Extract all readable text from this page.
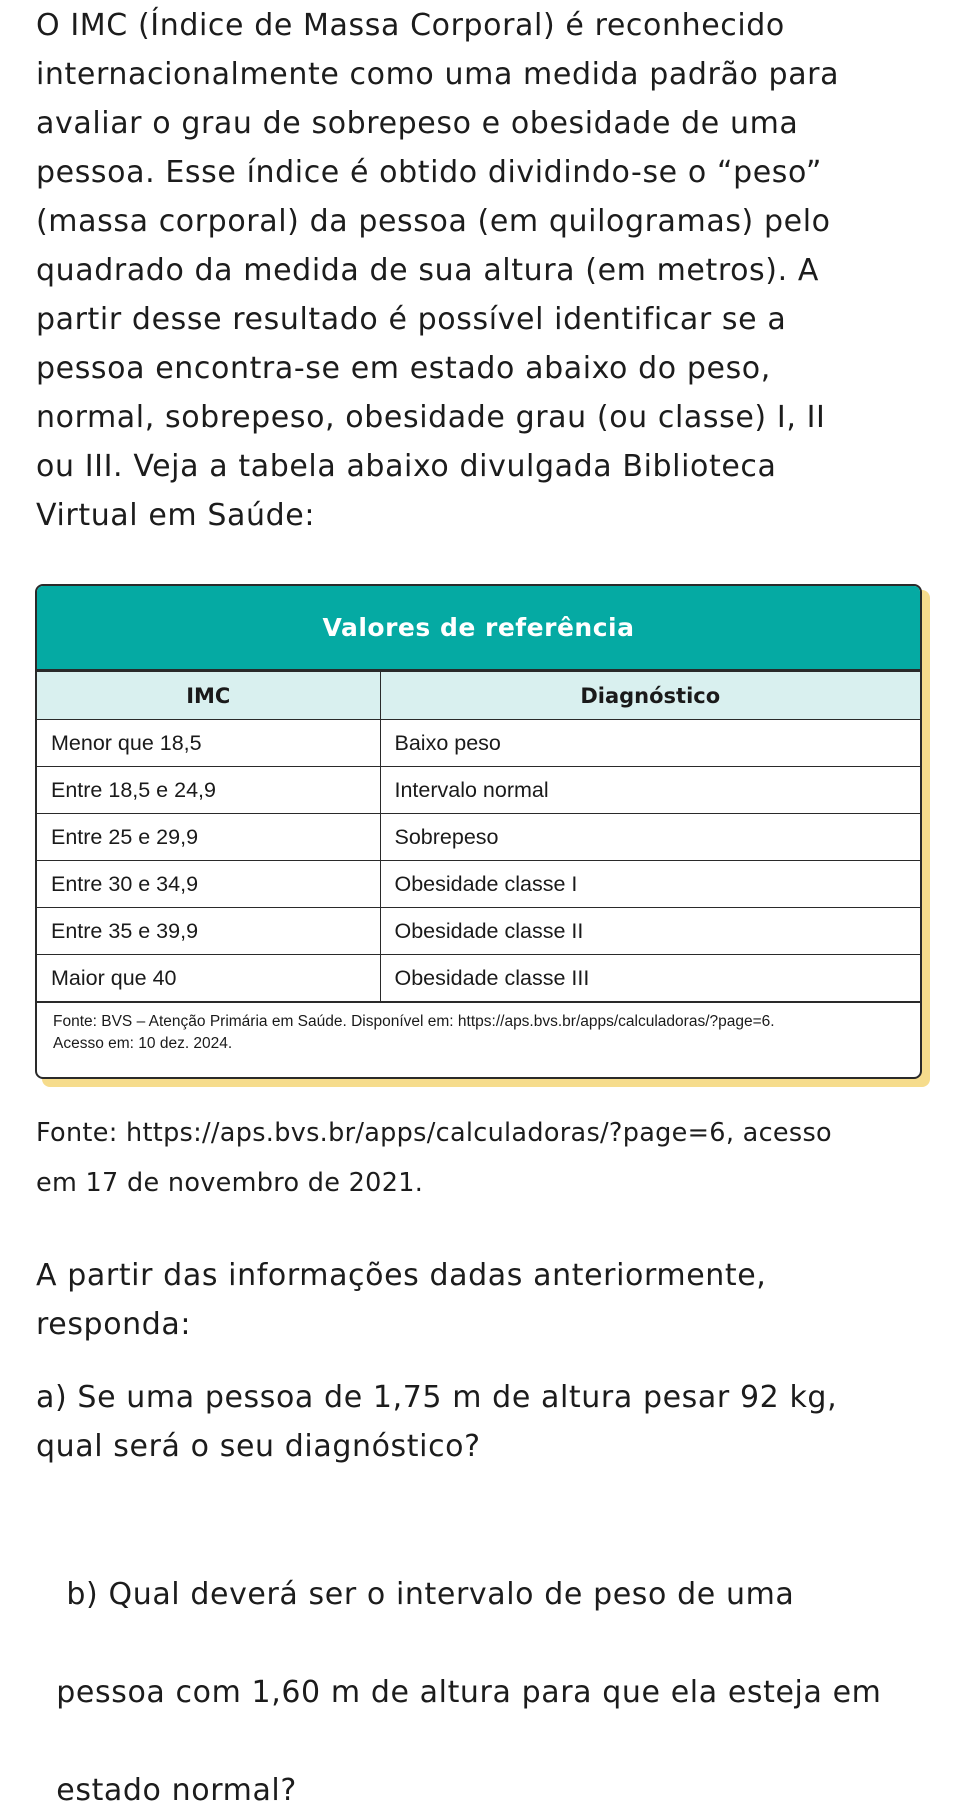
O IMC (Índice de Massa Corporal) é reconhecido
internacionalmente como uma medida padrão para
avaliar o grau de sobrepeso e obesidade de uma
pessoa. Esse índice é obtido dividindo-se o “peso”
(massa corporal) da pessoa (em quilogramas) pelo
quadrado da medida de sua altura (em metros). A
partir desse resultado é possível identificar se a
pessoa encontra-se em estado abaixo do peso,
normal, sobrepeso, obesidade grau (ou classe) I, II
ou III. Veja a tabela abaixo divulgada Biblioteca
Virtual em Saúde:
Valores de referência
IMC	Diagnóstico
Menor que 18,5	Baixo peso
Entre 18,5 e 24,9	Intervalo normal
Entre 25 e 29,9	Sobrepeso
Entre 30 e 34,9	Obesidade classe I
Entre 35 e 39,9	Obesidade classe II
Maior que 40	Obesidade classe III
Fonte: BVS – Atenção Primária em Saúde. Disponível em: https://aps.bvs.br/apps/calculadoras/?page=6.
Acesso em: 10 dez. 2024.
Fonte: https://aps.bvs.br/apps/calculadoras/?page=6, acesso
em 17 de novembro de 2021.
A partir das informações dadas anteriormente,
responda:
a) Se uma pessoa de 1,75 m de altura pesar 92 kg,
qual será o seu diagnóstico?

b) Qual deverá ser o intervalo de peso de uma

pessoa com 1,60 m de altura para que ela esteja em

estado normal?
